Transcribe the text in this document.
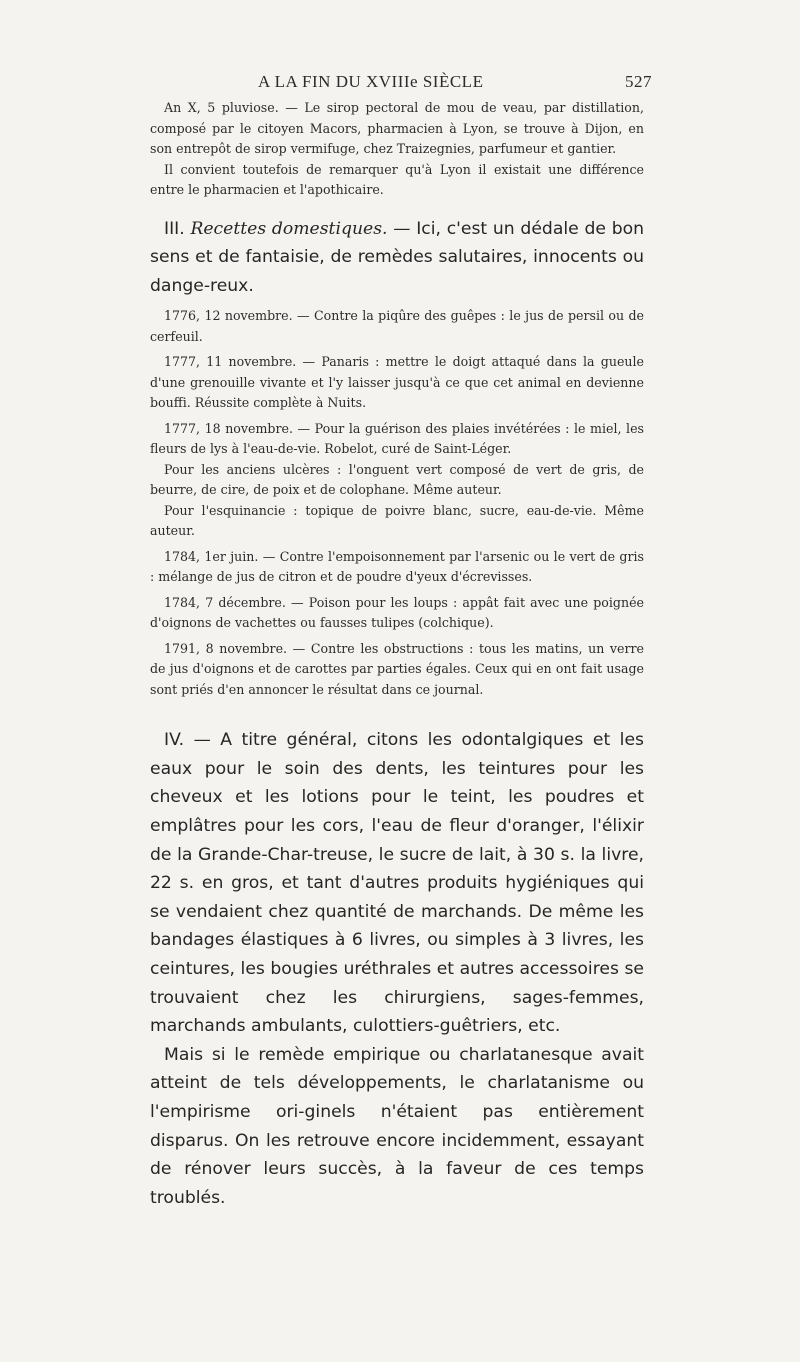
A LA FIN DU XVIIIe SIÈCLE	527

An X, 5 pluviose. — Le sirop pectoral de mou de veau, par distillation, composé par le citoyen Macors, pharmacien à Lyon, se trouve à Dijon, en son entrepôt de sirop vermifuge, chez Traizegnies, parfumeur et gantier.

Il convient toutefois de remarquer qu'à Lyon il existait une différence entre le pharmacien et l'apothicaire.

III. Recettes domestiques. — Ici, c'est un dédale de bon sens et de fantaisie, de remèdes salutaires, innocents ou dange-reux.

1776, 12 novembre. — Contre la piqûre des guêpes : le jus de persil ou de cerfeuil.

1777, 11 novembre. — Panaris : mettre le doigt attaqué dans la gueule d'une grenouille vivante et l'y laisser jusqu'à ce que cet animal en devienne bouffi. Réussite complète à Nuits.

1777, 18 novembre. — Pour la guérison des plaies invétérées : le miel, les fleurs de lys à l'eau-de-vie. Robelot, curé de Saint-Léger.

Pour les anciens ulcères : l'onguent vert composé de vert de gris, de beurre, de cire, de poix et de colophane. Même auteur.

Pour l'esquinancie : topique de poivre blanc, sucre, eau-de-vie. Même auteur.

1784, 1er juin. — Contre l'empoisonnement par l'arsenic ou le vert de gris : mélange de jus de citron et de poudre d'yeux d'écrevisses.

1784, 7 décembre. — Poison pour les loups : appât fait avec une poignée d'oignons de vachettes ou fausses tulipes (colchique).

1791, 8 novembre. — Contre les obstructions : tous les matins, un verre de jus d'oignons et de carottes par parties égales. Ceux qui en ont fait usage sont priés d'en annoncer le résultat dans ce journal.

IV. — A titre général, citons les odontalgiques et les eaux pour le soin des dents, les teintures pour les cheveux et les lotions pour le teint, les poudres et emplâtres pour les cors, l'eau de fleur d'oranger, l'élixir de la Grande-Char-treuse, le sucre de lait, à 30 s. la livre, 22 s. en gros, et tant d'autres produits hygiéniques qui se vendaient chez quantité de marchands. De même les bandages élastiques à 6 livres, ou simples à 3 livres, les ceintures, les bougies uréthrales et autres accessoires se trouvaient chez les chirurgiens, sages-femmes, marchands ambulants, culottiers-guêtriers, etc.

Mais si le remède empirique ou charlatanesque avait atteint de tels développements, le charlatanisme ou l'empirisme ori-ginels n'étaient pas entièrement disparus. On les retrouve encore incidemment, essayant de rénover leurs succès, à la faveur de ces temps troublés.
